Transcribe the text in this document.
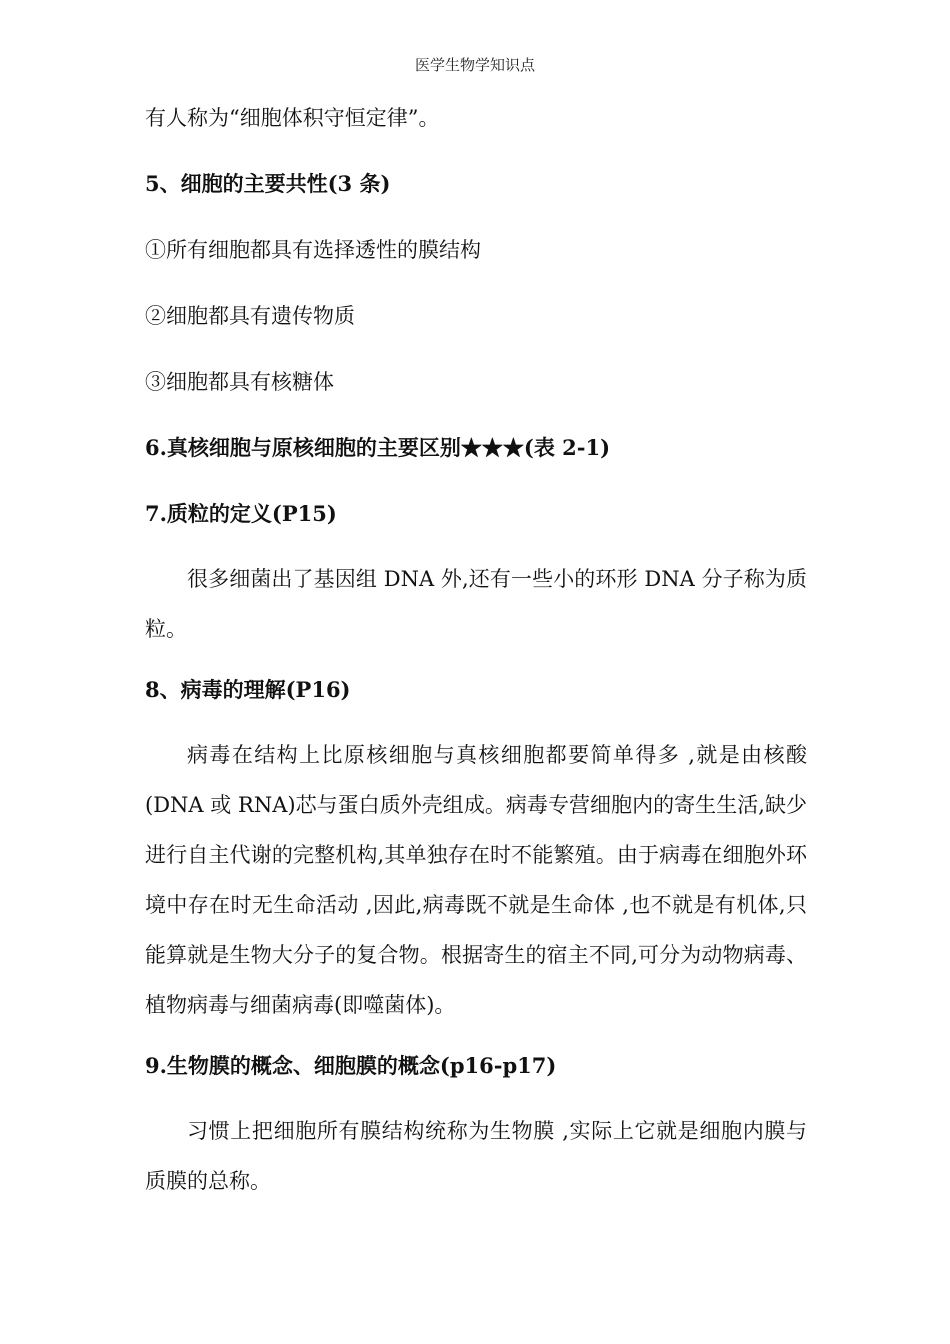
医学生物学知识点

有人称为“细胞体积守恒定律”。

5、细胞的主要共性(3 条)

①所有细胞都具有选择透性的膜结构

②细胞都具有遗传物质

③细胞都具有核糖体

6.真核细胞与原核细胞的主要区别★★★(表 2-1)

7.质粒的定义(P15)

很多细菌出了基因组 DNA 外,还有一些小的环形 DNA 分子称为质粒。

8、病毒的理解(P16)

病毒在结构上比原核细胞与真核细胞都要简单得多 ,就是由核酸(DNA 或 RNA)芯与蛋白质外壳组成。病毒专营细胞内的寄生生活,缺少进行自主代谢的完整机构,其单独存在时不能繁殖。由于病毒在细胞外环境中存在时无生命活动 ,因此,病毒既不就是生命体 ,也不就是有机体,只能算就是生物大分子的复合物。根据寄生的宿主不同,可分为动物病毒、植物病毒与细菌病毒(即噬菌体)。

9.生物膜的概念、细胞膜的概念(p16-p17)

习惯上把细胞所有膜结构统称为生物膜 ,实际上它就是细胞内膜与质膜的总称。
